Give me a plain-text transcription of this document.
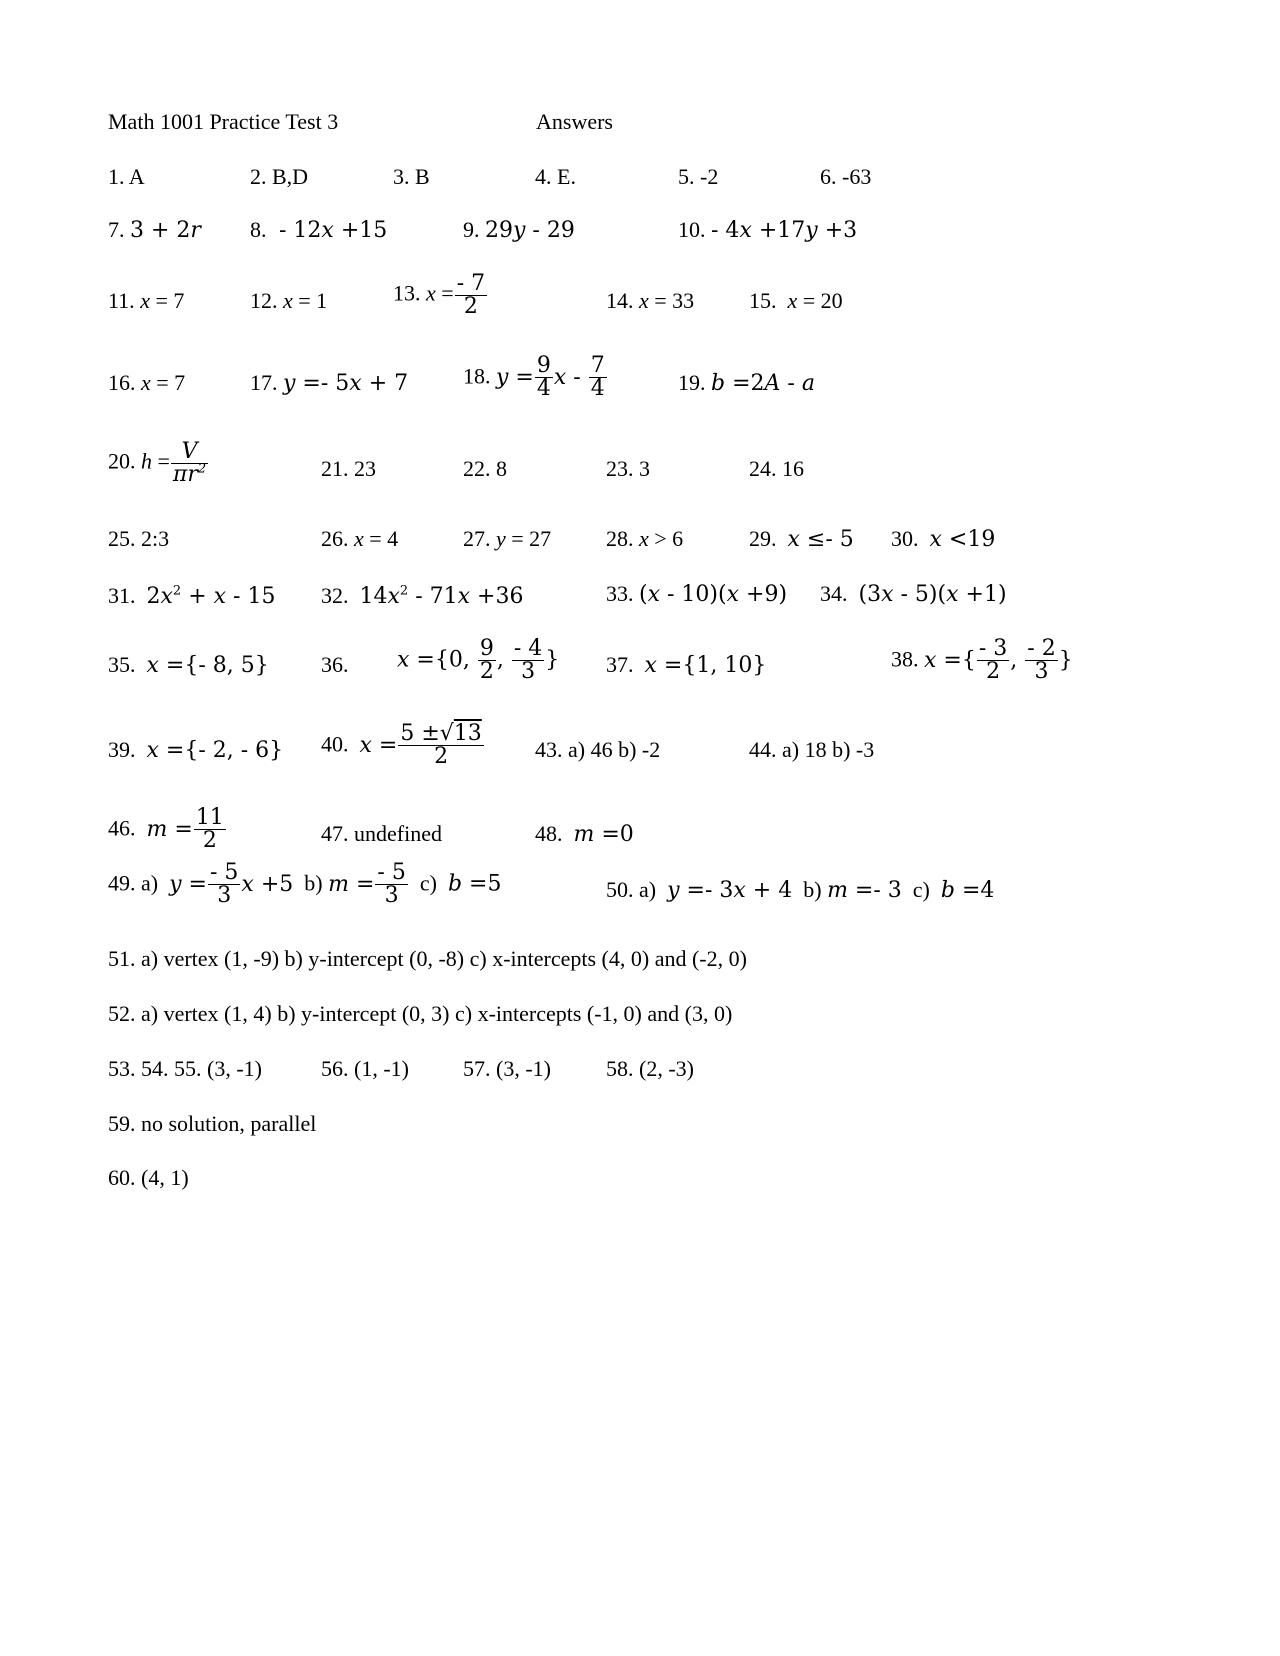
Math 1001 Practice Test 3	Answers
1. A	2. B,D	3. B	4. E.	5. -2	6. -63
7. 3 + 2r 8.  - 12x +15	9. 29y - 29	10. - 4x +17y +3
11. x = 7	12. x = 1	13. $x = \frac{- 7}{2}$	14. x = 33 15. x = 20
16. x = 7	17. y =- 5x + 7 18. $y = \frac{9}{4}$ x - $\frac{7}{4}$	19. b =2A - a
20. $h = \frac{V}{\pi r^2}$	21. 23	22. 8	23. 3	24. 16
25. 2:3	26. x = 4	27. y = 27 28. x > 6	29. x ≤- 5 30. x <19
31. $2x^2 + x - 15$ 32. $14x^2 - 71x +36$	33. (x - 10)(x +9) 34. (3x - 5)(x +1)
35. x ={- 8, 5} 36. x ={0, $\frac{9}{2}$ , $\frac{- 4}{3}$ } 37. x ={1, 10}	38. x ={ $\frac{- 3}{2}$ , $\frac{- 2}{3}$ }
39. x ={- 2, - 6} 40. $x = \frac{5 \pm√13}{2} 43$. a) 46 b) -2	44. a) 18 b) -3
46. $m = \frac{11}{2}$	47. undefined	48. m =0
49. a) $y = \frac{- 5}{3}$ x +5 b) $m = \frac{- 5}{3} c$) b =5	50. a) y =- 3x + 4 b) m =- 3 c) b =4
51. a) vertex (1, -9) b) y-intercept (0, -8) c) x-intercepts (4, 0) and (-2, 0)
52. a) vertex (1, 4) b) y-intercept (0, 3) c) x-intercepts (-1, 0) and (3, 0)
53. 54. 55. (3, -1)	56. (1, -1) 57. (3, -1)	58. (2, -3)
59. no solution, parallel
60. (4, 1)
